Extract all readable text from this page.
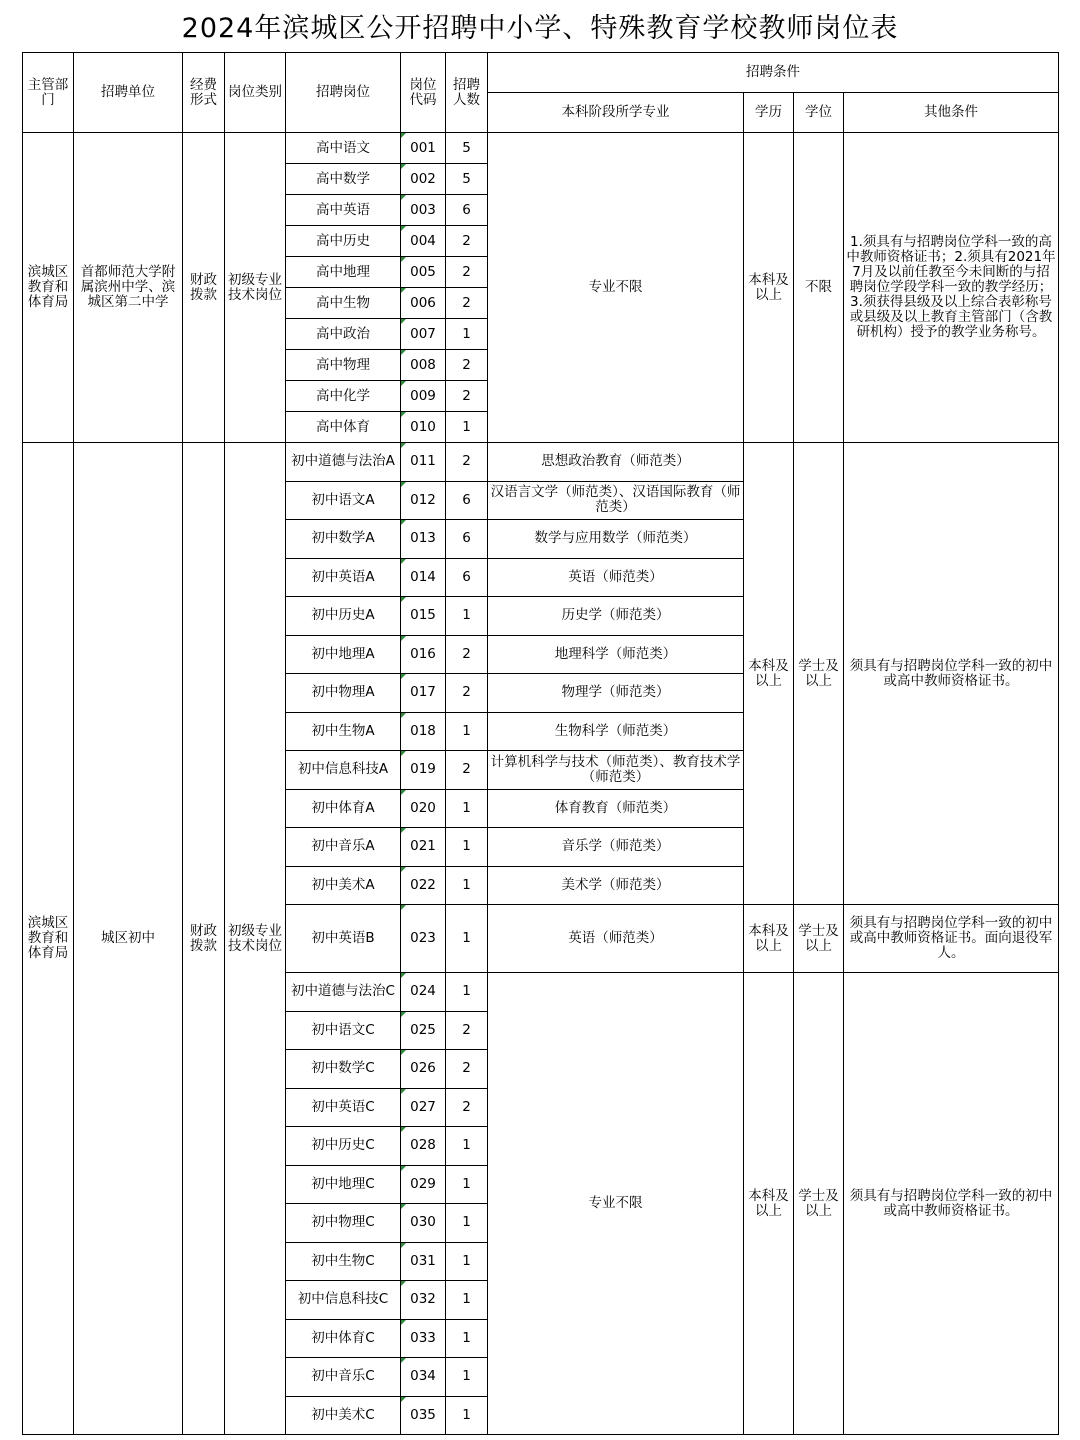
2024年滨城区公开招聘中小学、特殊教育学校教师岗位表
主管部门	招聘单位	经费形式	岗位类别	招聘岗位	岗位代码	招聘人数	招聘条件			
							本科阶段所学专业	学历	学位	其他条件
滨城区教育和体育局	首都师范大学附属滨州中学、滨城区第二中学	财政拨款	初级专业技术岗位	高中语文	001	5	专业不限	本科及以上	不限	1.须具有与招聘岗位学科一致的高中教师资格证书；2.须具有2021年7月及以前任教至今未间断的与招聘岗位学段学科一致的教学经历；3.须获得县级及以上综合表彰称号或县级及以上教育主管部门（含教研机构）授予的教学业务称号。
				高中数学	002	5				
				高中英语	003	6				
				高中历史	004	2				
				高中地理	005	2				
				高中生物	006	2				
				高中政治	007	1				
				高中物理	008	2				
				高中化学	009	2				
				高中体育	010	1				
滨城区教育和体育局	城区初中	财政拨款	初级专业技术岗位	初中道德与法治A	011	2	思想政治教育（师范类）	本科及以上	学士及以上	须具有与招聘岗位学科一致的初中或高中教师资格证书。
				初中语文A	012	6	汉语言文学（师范类）、汉语国际教育（师范类）			
				初中数学A	013	6	数学与应用数学（师范类）			
				初中英语A	014	6	英语（师范类）			
				初中历史A	015	1	历史学（师范类）			
				初中地理A	016	2	地理科学（师范类）			
				初中物理A	017	2	物理学（师范类）			
				初中生物A	018	1	生物科学（师范类）			
				初中信息科技A	019	2	计算机科学与技术（师范类）、教育技术学（师范类）			
				初中体育A	020	1	体育教育（师范类）			
				初中音乐A	021	1	音乐学（师范类）			
				初中美术A	022	1	美术学（师范类）			
				初中英语B	023	1	英语（师范类）	本科及以上	学士及以上	须具有与招聘岗位学科一致的初中或高中教师资格证书。面向退役军人。
				初中道德与法治C	024	1	专业不限	本科及以上	学士及以上	须具有与招聘岗位学科一致的初中或高中教师资格证书。
				初中语文C	025	2				
				初中数学C	026	2				
				初中英语C	027	2				
				初中历史C	028	1				
				初中地理C	029	1				
				初中物理C	030	1				
				初中生物C	031	1				
				初中信息科技C	032	1				
				初中体育C	033	1				
				初中音乐C	034	1				
				初中美术C	035	1				
